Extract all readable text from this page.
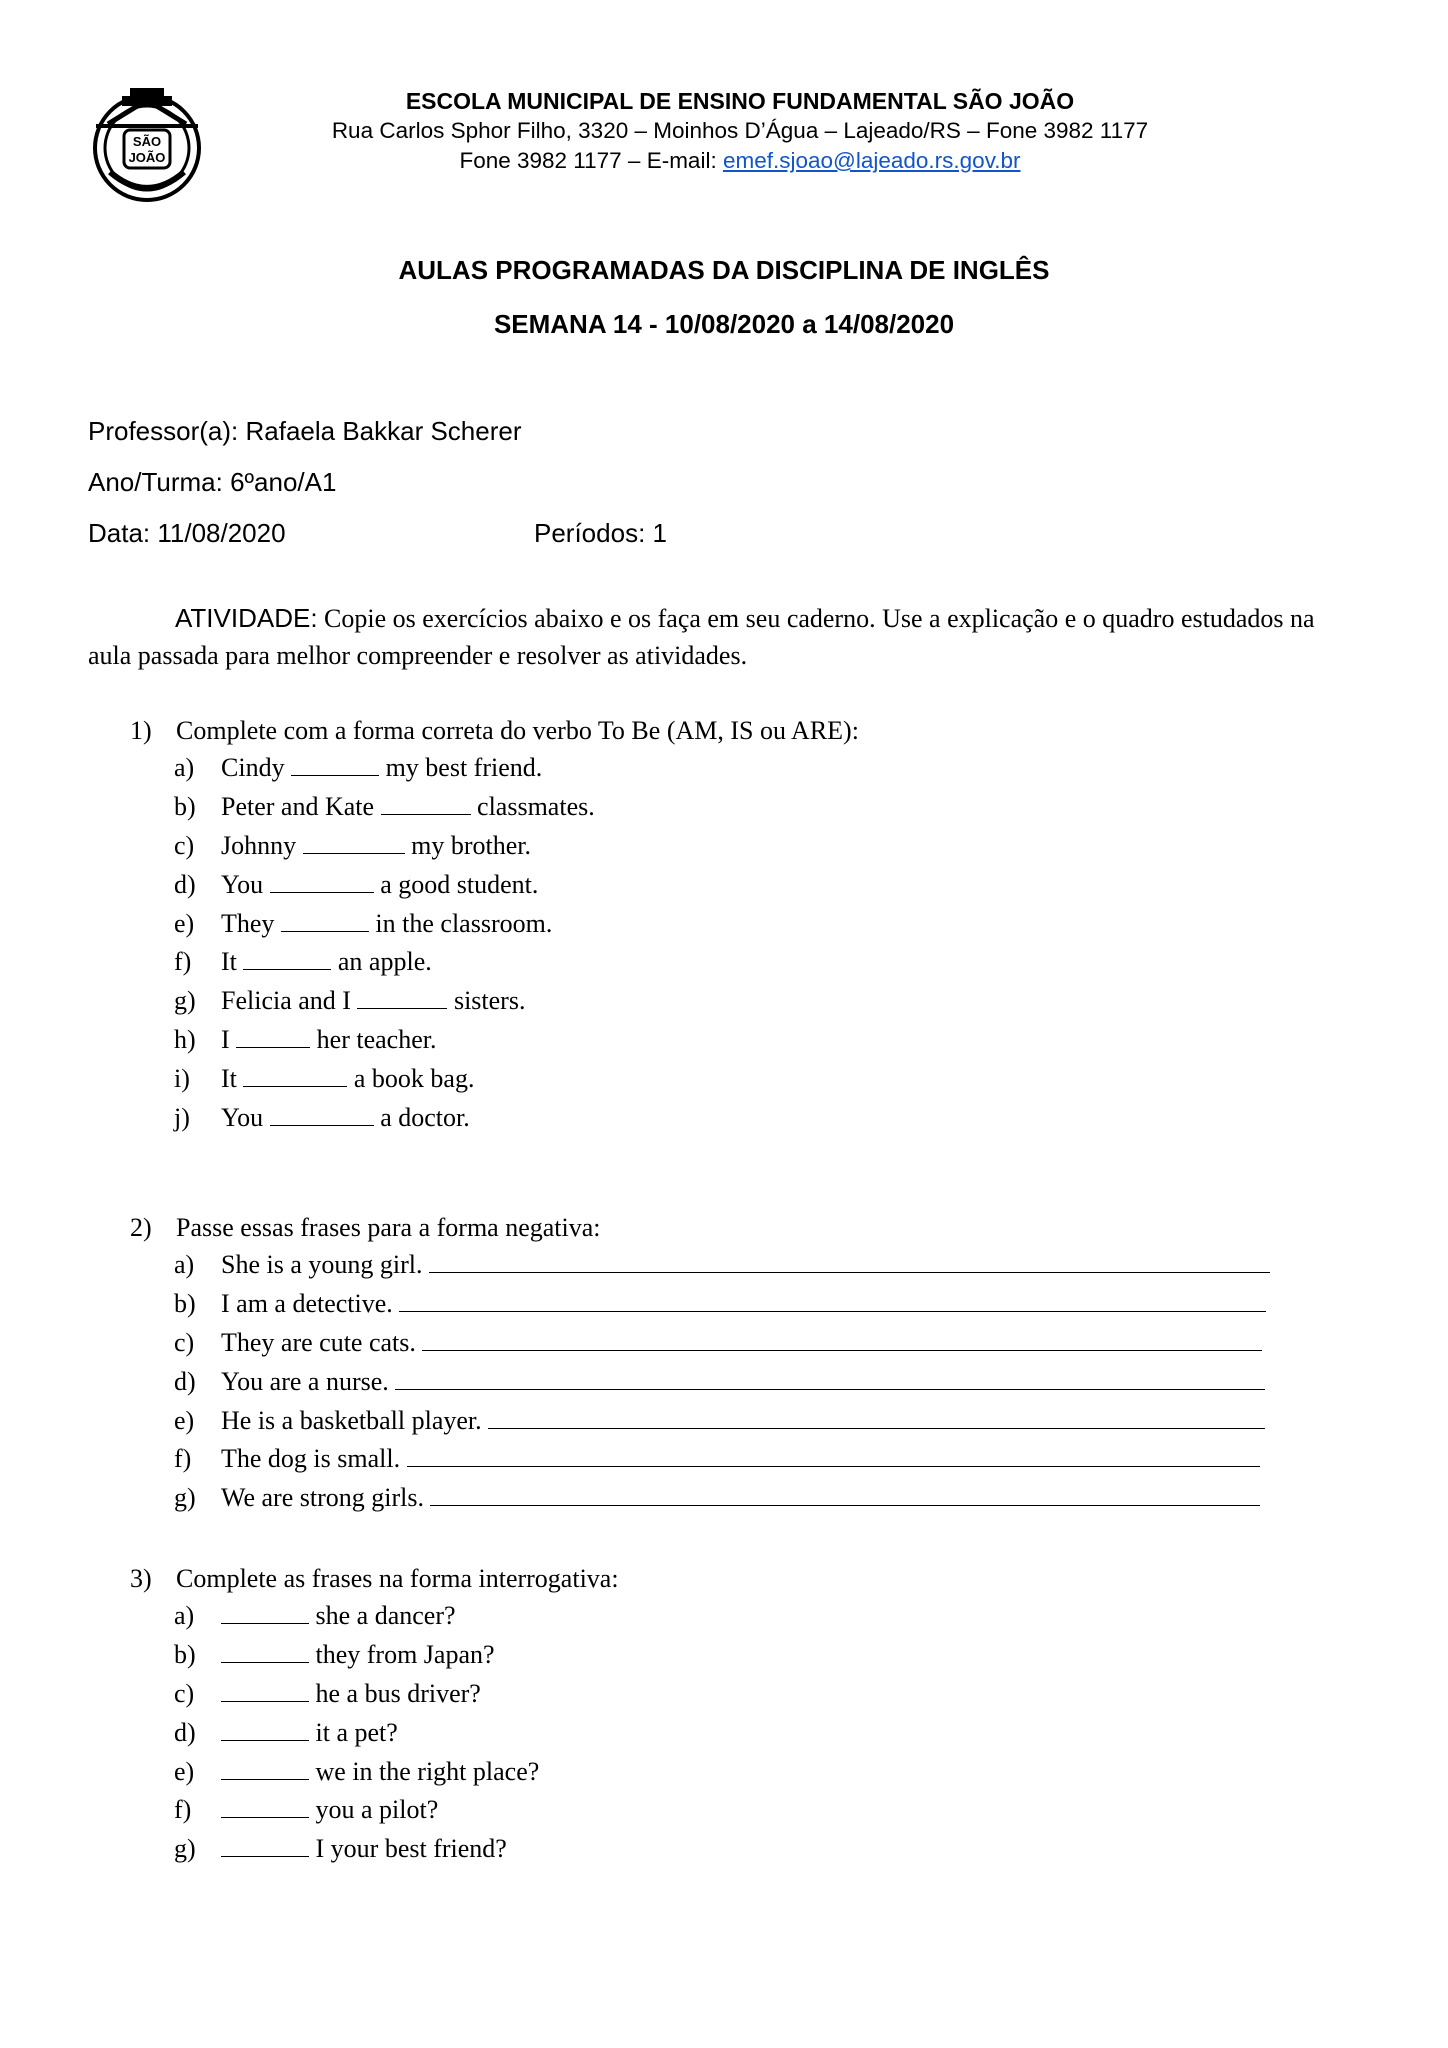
SÃO
JOÃO
ESCOLA MUNICIPAL DE ENSINO FUNDAMENTAL SÃO JOÃO
Rua Carlos Sphor Filho, 3320 – Moinhos D’Água – Lajeado/RS – Fone 3982 1177
Fone 3982 1177 – E-mail: emef.sjoao@lajeado.rs.gov.br
AULAS PROGRAMADAS DA DISCIPLINA DE INGLÊS
SEMANA 14 - 10/08/2020 a 14/08/2020
Professor(a): Rafaela Bakkar Scherer
Ano/Turma: 6ºano/A1
Data: 11/08/2020	Períodos: 1
ATIVIDADE: Copie os exercícios abaixo e os faça em seu caderno. Use a explicação e o quadro estudados na aula passada para melhor compreender e resolver as atividades.
1) Complete com a forma correta do verbo To Be (AM, IS ou ARE):
a) Cindy	my best friend.
b) Peter and Kate	classmates.
c) Johnny	my brother.
d) You	a good student.
e) They	in the classroom.
f) It	an apple.
g) Felicia and I	sisters.
h) I	her teacher.
i) It	a book bag.
j) You	a doctor.
2) Passe essas frases para a forma negativa:
a) She is a young girl.
b) I am a detective.
c) They are cute cats.
d) You are a nurse.
e) He is a basketball player.
f) The dog is small.
g) We are strong girls.
3) Complete as frases na forma interrogativa:
a)	she a dancer?
b)	they from Japan?
c)	he a bus driver?
d)	it a pet?
e)	we in the right place?
f)	you a pilot?
g)	I your best friend?
